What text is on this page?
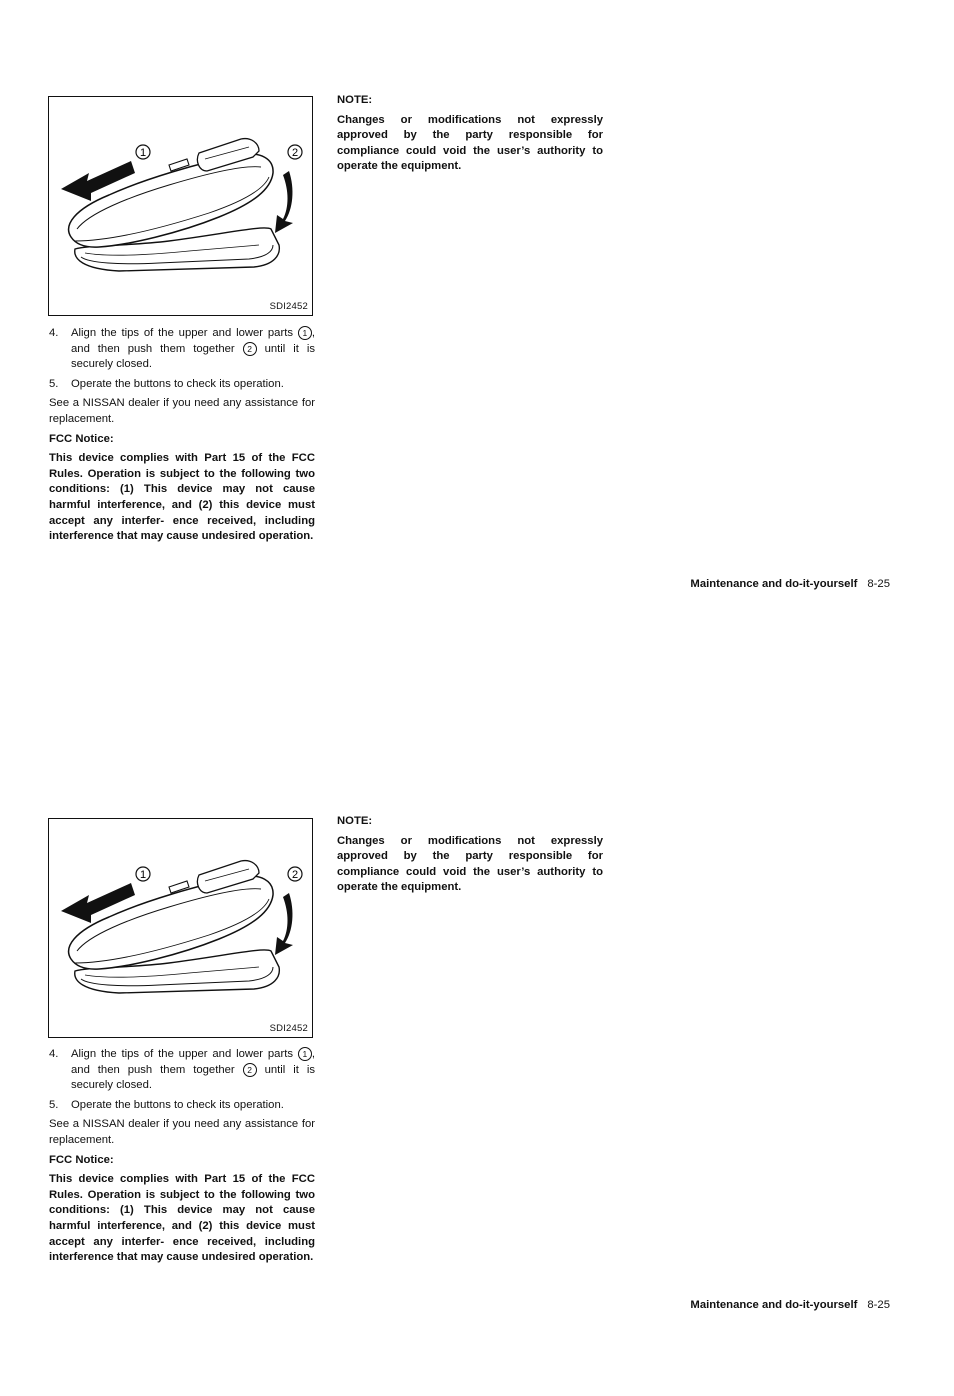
1	2
SDI2452
4. Align the tips of the upper and lower parts 1 , and then push them together 2 until it is securely closed.
5. Operate the buttons to check its operation.
See a NISSAN dealer if you need any assistance for replacement.
FCC Notice:
This device complies with Part 15 of the FCC Rules. Operation is subject to the following two conditions: (1) This device may not cause harmful interference, and (2) this device must accept any interfer- ence received, including interference that may cause undesired operation.
NOTE:
Changes or modifications not expressly approved by the party responsible for compliance could void the user’s authority to operate the equipment.
Maintenance and do-it-yourself 8-25
1	2
SDI2452
4. Align the tips of the upper and lower parts 1 , and then push them together 2 until it is securely closed.
5. Operate the buttons to check its operation.
See a NISSAN dealer if you need any assistance for replacement.
FCC Notice:
This device complies with Part 15 of the FCC Rules. Operation is subject to the following two conditions: (1) This device may not cause harmful interference, and (2) this device must accept any interfer- ence received, including interference that may cause undesired operation.
NOTE:
Changes or modifications not expressly approved by the party responsible for compliance could void the user’s authority to operate the equipment.
Maintenance and do-it-yourself 8-25
